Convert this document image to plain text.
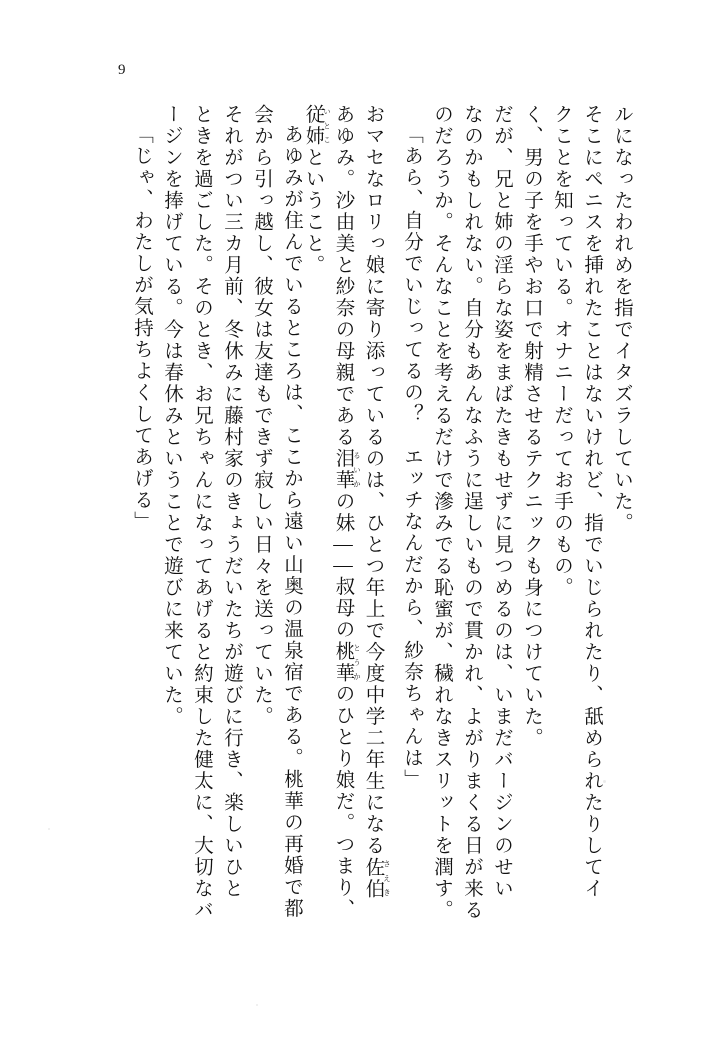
9
ルになったわれめを指でイタズラしていた。
そこにペニスを挿れたことはないけれど、指でいじられたり、舐められたりしてイ
クことを知っている。オナニーだってお手のもの。
く、男の子を手やお口で射精させるテクニックも身につけていた。
だが、兄と姉の淫らな姿をまばたきもせずに見つめるのは、いまだバージンのせい
なのかもしれない。自分もあんなふうに逞しいもので貫かれ、よがりまくる日が来る
のだろうか。そんなことを考えるだけで滲みでる恥蜜が、穢れなきスリットを潤す。
「あら、自分でいじってるの？　エッチなんだから、紗奈ちゃんは」
おマセなロリっ娘に寄り添っているのは、ひとつ年上で今度中学二年生になる佐伯 さえき
あゆみ。沙由美と紗奈の母親である泪華 るいかの妹——叔母の桃華 とうかのひとり娘だ。つまり、
従姉 いとこということ。
あゆみが住んでいるところは、ここから遠い山奥の温泉宿である。桃華の再婚で都
会から引っ越し、彼女は友達もできず寂しい日々を送っていた。
それがつい三カ月前、冬休みに藤村家のきょうだいたちが遊びに行き、楽しいひと
ときを過ごした。そのとき、お兄ちゃんになってあげると約束した健太に、大切なバ
ージンを捧げている。今は春休みということで遊びに来ていた。
「じゃ、わたしが気持ちよくしてあげる」
